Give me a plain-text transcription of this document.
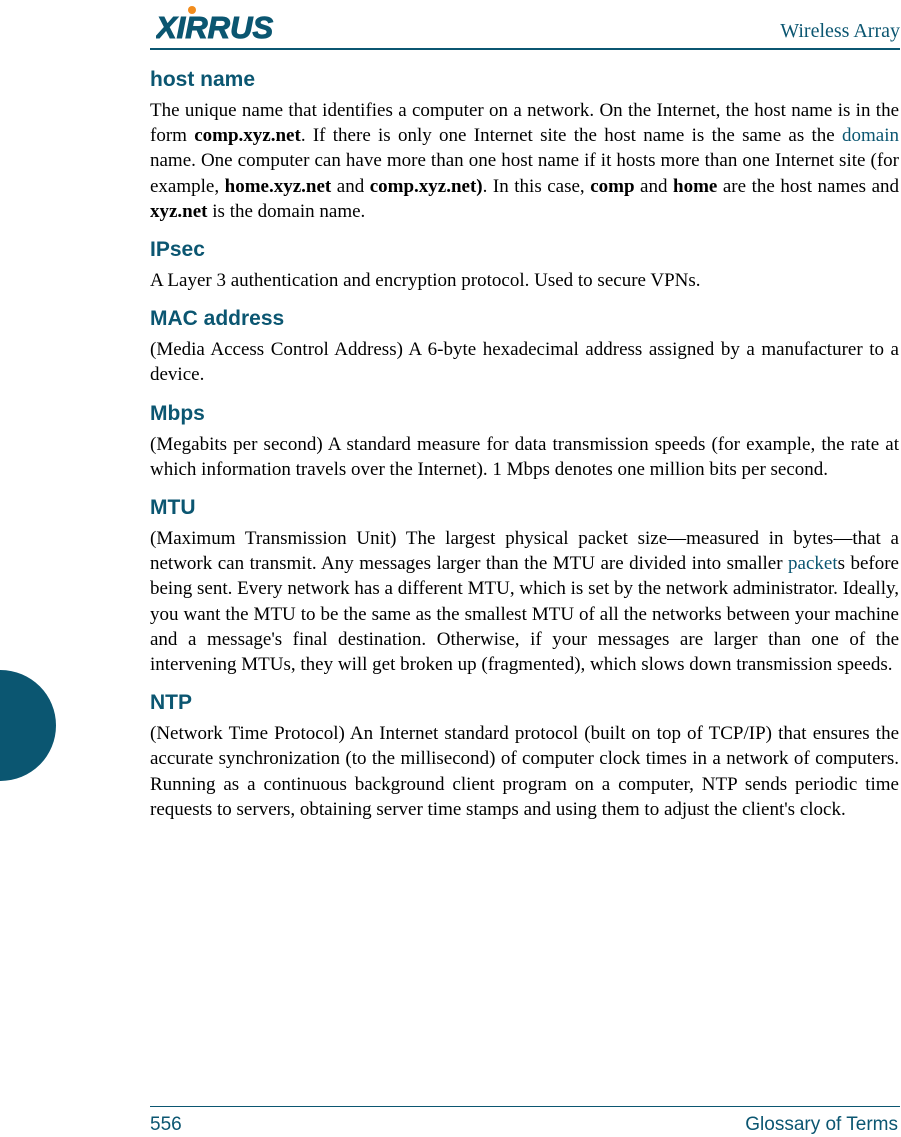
XIRRUS	Wireless Array
host name

The unique name that identifies a computer on a network. On the Internet, the host name is in the form comp.xyz.net. If there is only one Internet site the host name is the same as the domain name. One computer can have more than one host name if it hosts more than one Internet site (for example, home.xyz.net and comp.xyz.net). In this case, comp and home are the host names and xyz.net is the domain name.

IPsec

A Layer 3 authentication and encryption protocol. Used to secure VPNs.

MAC address

(Media Access Control Address) A 6-byte hexadecimal address assigned by a manufacturer to a device.

Mbps

(Megabits per second) A standard measure for data transmission speeds (for example, the rate at which information travels over the Internet). 1 Mbps denotes one million bits per second.

MTU

(Maximum Transmission Unit) The largest physical packet size—measured in bytes—that a network can transmit. Any messages larger than the MTU are divided into smaller packets before being sent. Every network has a different MTU, which is set by the network administrator. Ideally, you want the MTU to be the same as the smallest MTU of all the networks between your machine and a message's final destination. Otherwise, if your messages are larger than one of the intervening MTUs, they will get broken up (fragmented), which slows down transmission speeds.

NTP

(Network Time Protocol) An Internet standard protocol (built on top of TCP/IP) that ensures the accurate synchronization (to the millisecond) of computer clock times in a network of computers. Running as a continuous background client program on a computer, NTP sends periodic time requests to servers, obtaining server time stamps and using them to adjust the client's clock.

556	Glossary of Terms
